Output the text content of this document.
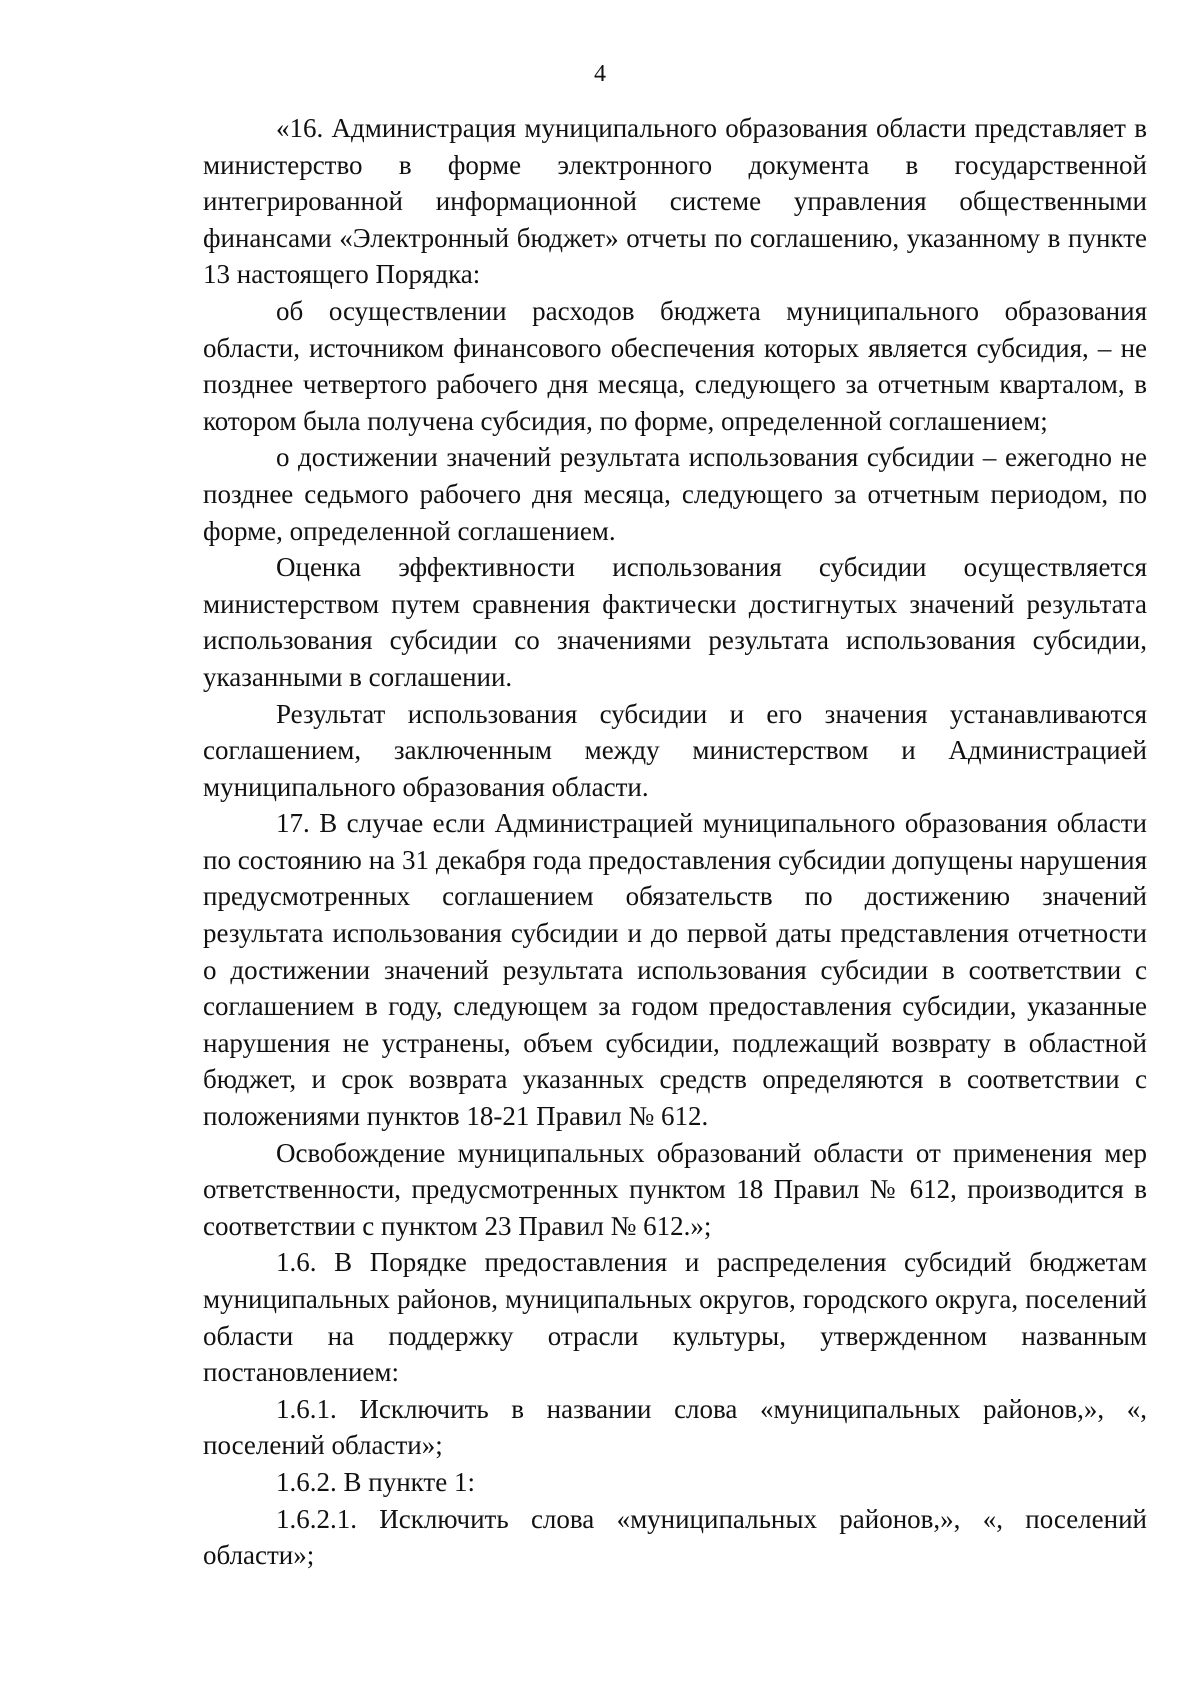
4

«16. Администрация муниципального образования области представляет в министерство в форме электронного документа в государственной интегрированной информационной системе управления общественными финансами «Электронный бюджет» отчеты по соглашению, указанному в пункте 13 настоящего Порядка:

об осуществлении расходов бюджета муниципального образования области, источником финансового обеспечения которых является субсидия, – не позднее четвертого рабочего дня месяца, следующего за отчетным кварталом, в котором была получена субсидия, по форме, определенной соглашением;

о достижении значений результата использования субсидии – ежегодно не позднее седьмого рабочего дня месяца, следующего за отчетным периодом, по форме, определенной соглашением.

Оценка эффективности использования субсидии осуществляется министерством путем сравнения фактически достигнутых значений результата использования субсидии со значениями результата использования субсидии, указанными в соглашении.

Результат использования субсидии и его значения устанавливаются соглашением, заключенным между министерством и Администрацией муниципального образования области.

17. В случае если Администрацией муниципального образования области по состоянию на 31 декабря года предоставления субсидии допущены нарушения предусмотренных соглашением обязательств по достижению значений результата использования субсидии и до первой даты представления отчетности о достижении значений результата использования субсидии в соответствии с соглашением в году, следующем за годом предоставления субсидии, указанные нарушения не устранены, объем субсидии, подлежащий возврату в областной бюджет, и срок возврата указанных средств определяются в соответствии с положениями пунктов 18-21 Правил № 612.

Освобождение муниципальных образований области от применения мер ответственности, предусмотренных пунктом 18 Правил № 612, производится в соответствии с пунктом 23 Правил № 612.»;

1.6. В Порядке предоставления и распределения субсидий бюджетам муниципальных районов, муниципальных округов, городского округа, поселений области на поддержку отрасли культуры, утвержденном названным постановлением:

1.6.1. Исключить в названии слова «муниципальных районов,», «, поселений области»;

1.6.2. В пункте 1:

1.6.2.1. Исключить слова «муниципальных районов,», «, поселений области»;
